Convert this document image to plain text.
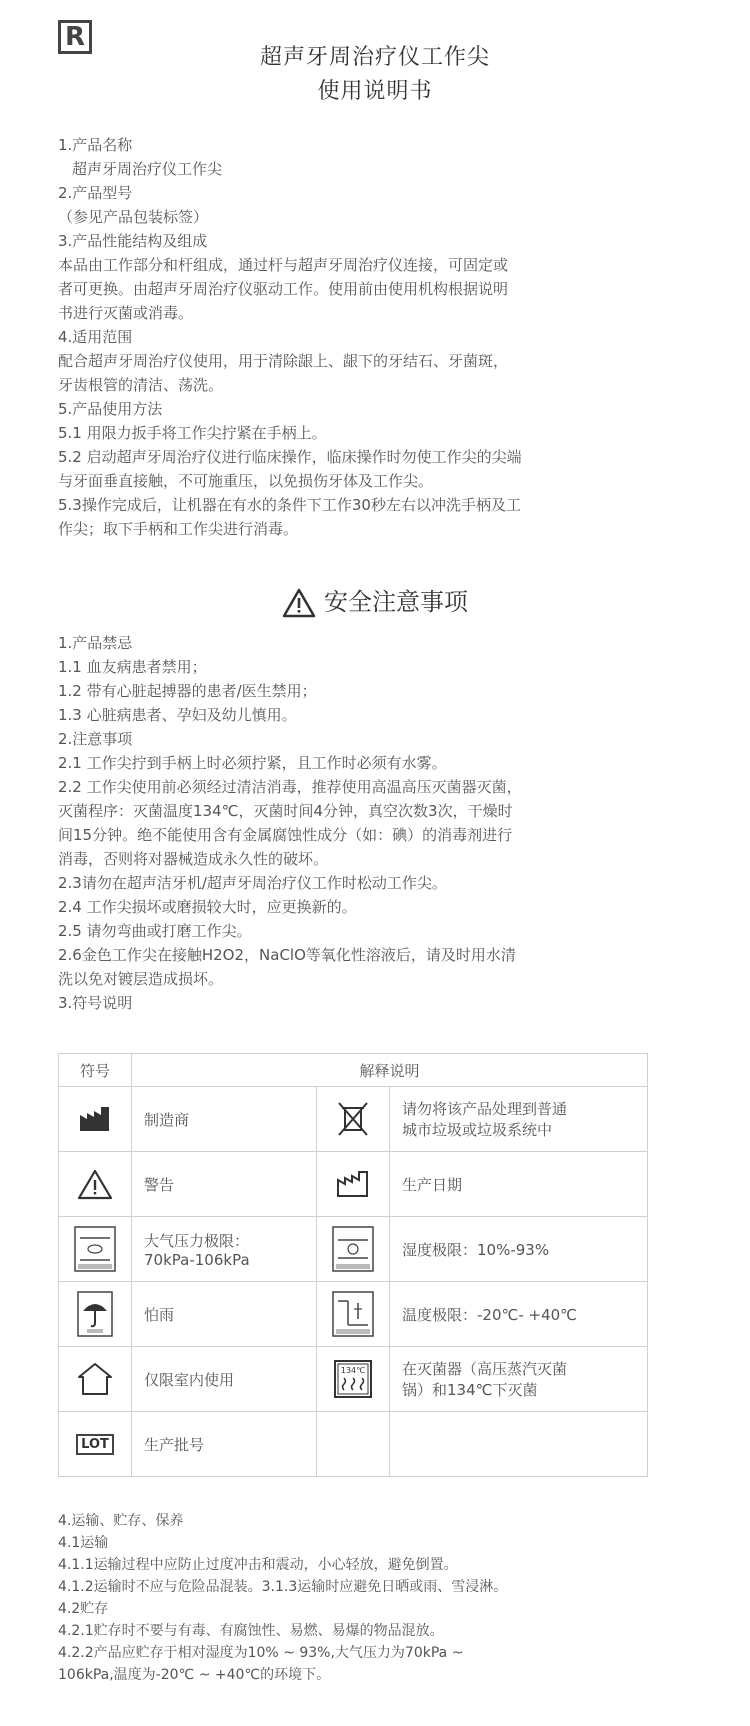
R
超声牙周治疗仪工作尖
使用说明书
1.产品名称
超声牙周治疗仪工作尖
2.产品型号
（参见产品包装标签）
3.产品性能结构及组成
本品由工作部分和杆组成，通过杆与超声牙周治疗仪连接，可固定或
者可更换。由超声牙周治疗仪驱动工作。使用前由使用机构根据说明
书进行灭菌或消毒。
4.适用范围
配合超声牙周治疗仪使用，用于清除龈上、龈下的牙结石、牙菌斑，
牙齿根管的清洁、荡洗。
5.产品使用方法
5.1 用限力扳手将工作尖拧紧在手柄上。
5.2 启动超声牙周治疗仪进行临床操作，临床操作时勿使工作尖的尖端
与牙面垂直接触，不可施重压，以免损伤牙体及工作尖。
5.3操作完成后，让机器在有水的条件下工作30秒左右以冲洗手柄及工
作尖；取下手柄和工作尖进行消毒。
安全注意事项
1.产品禁忌
1.1 血友病患者禁用；
1.2 带有心脏起搏器的患者/医生禁用；
1.3 心脏病患者、孕妇及幼儿慎用。
2.注意事项
2.1 工作尖拧到手柄上时必须拧紧，且工作时必须有水雾。
2.2 工作尖使用前必须经过清洁消毒，推荐使用高温高压灭菌器灭菌，
灭菌程序：灭菌温度134℃，灭菌时间4分钟，真空次数3次，干燥时
间15分钟。绝不能使用含有金属腐蚀性成分（如：碘）的消毒剂进行
消毒，否则将对器械造成永久性的破坏。
2.3请勿在超声洁牙机/超声牙周治疗仪工作时松动工作尖。
2.4 工作尖损坏或磨损较大时，应更换新的。
2.5 请勿弯曲或打磨工作尖。
2.6金色工作尖在接触H2O2，NaClO等氧化性溶液后，请及时用水清
洗以免对镀层造成损坏。
3.符号说明
符号	解释说明		

	制造商		请勿将该产品处理到普通
城市垃圾或垃圾系统中

	警告		生产日期

大气压力极限：
70kPa-106kPa		湿度极限：10%-93%

	怕雨		温度极限：-20℃- +40℃

	仅限室内使用	134℃	在灭菌器（高压蒸汽灭菌
锅）和134℃下灭菌

LOT	生产批号		
4.运输、贮存、保养
4.1运输
4.1.1运输过程中应防止过度冲击和震动，小心轻放，避免倒置。
4.1.2运输时不应与危险品混装。3.1.3运输时应避免日晒或雨、雪浸淋。
4.2贮存
4.2.1贮存时不要与有毒、有腐蚀性、易燃、易爆的物品混放。
4.2.2产品应贮存于相对湿度为10% ~ 93%,大气压力为70kPa ~
106kPa,温度为-20℃ ~ +40℃的环境下。
